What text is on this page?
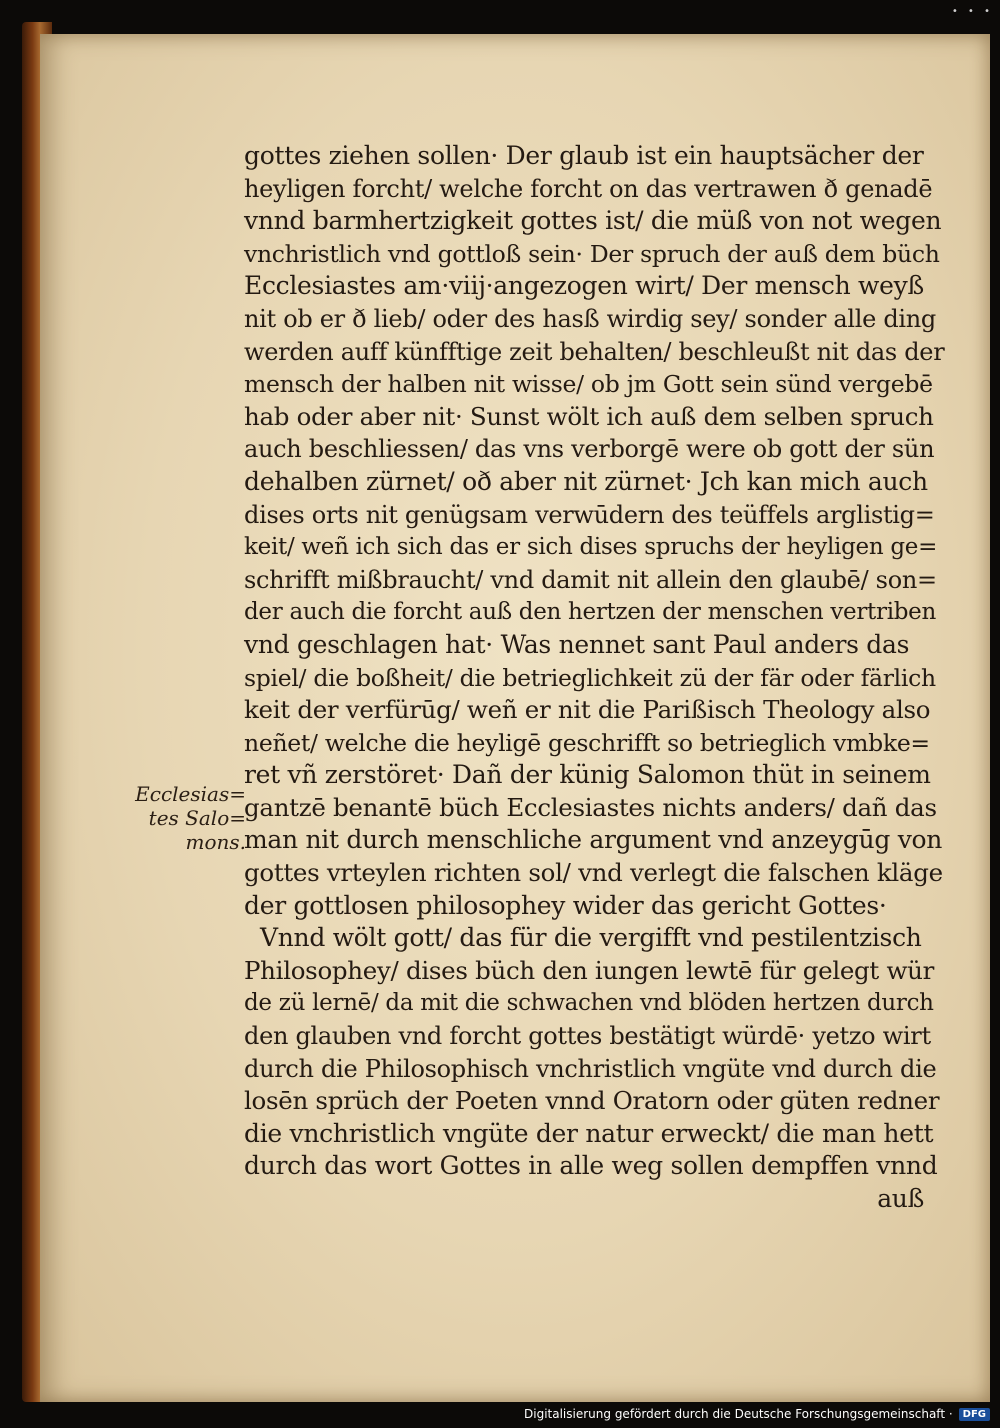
• • •
gottes ziehen sollen· Der glaub ist ein hauptsächer der
heyligen forcht/ welche forcht on das vertrawen ð genadē
vnnd barmhertzigkeit gottes ist/ die müß von not wegen
vnchristlich vnd gottloß sein· Der spruch der auß dem büch
Ecclesiastes am·viij·angezogen wirt/ Der mensch weyß
nit ob er ð lieb/ oder des hasß wirdig sey/ sonder alle ding
werden auff künfftige zeit behalten/ beschleußt nit das der
mensch der halben nit wisse/ ob jm Gott sein sünd vergebē
hab oder aber nit· Sunst wölt ich auß dem selben spruch
auch beschliessen/ das vns verborgē were ob gott der sün
dehalben zürnet/ oð aber nit zürnet· Jch kan mich auch
dises orts nit genügsam verwūdern des teüffels arglistig=
keit/ weñ ich sich das er sich dises spruchs der heyligen ge=
schrifft mißbraucht/ vnd damit nit allein den glaubē/ son=
der auch die forcht auß den hertzen der menschen vertriben
vnd geschlagen hat· Was nennet sant Paul anders das
spiel/ die boßheit/ die betrieglichkeit zü der fär oder färlich
keit der verfürūg/ weñ er nit die Parißisch Theology also
neñet/ welche die heyligē geschrifft so betrieglich vmbke=
ret vñ zerstöret· Dañ der künig Salomon thüt in seinem
gantzē benantē büch Ecclesiastes nichts anders/ dañ das
man nit durch menschliche argument vnd anzeygūg von
gottes vrteylen richten sol/ vnd verlegt die falschen kläge
der gottlosen philosophey wider das gericht Gottes·
Vnnd wölt gott/ das für die vergifft vnd pestilentzisch
Philosophey/ dises büch den iungen lewtē für gelegt wür
de zü lernē/ da mit die schwachen vnd blöden hertzen durch
den glauben vnd forcht gottes bestätigt würdē· yetzo wirt
durch die Philosophisch vnchristlich vngüte vnd durch die
losēn sprüch der Poeten vnnd Oratorn oder güten redner
die vnchristlich vngüte der natur erweckt/ die man hett
durch das wort Gottes in alle weg sollen dempffen vnnd
auß
Ecclesias=
tes Salo=
mons.
Digitalisierung gefördert durch die Deutsche Forschungsgemeinschaft ·	DFG
